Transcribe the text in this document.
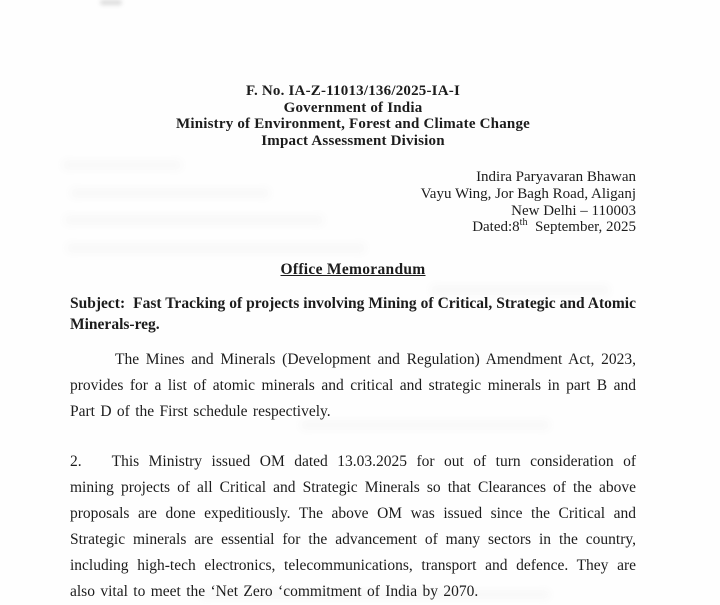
F. No. IA-Z-11013/136/2025-IA-I
Government of India
Ministry of Environment, Forest and Climate Change
Impact Assessment Division
Indira Paryavaran Bhawan
Vayu Wing, Jor Bagh Road, Aliganj
New Delhi – 110003
Dated:8th  September, 2025
Office Memorandum

Subject: Fast Tracking of projects involving Mining of Critical, Strategic and Atomic Minerals-reg.

The Mines and Minerals (Development and Regulation) Amendment Act, 2023, provides for a list of atomic minerals and critical and strategic minerals in part B and Part D of the First schedule respectively.

2. This Ministry issued OM dated 13.03.2025 for out of turn consideration of mining projects of all Critical and Strategic Minerals so that Clearances of the above proposals are done expeditiously. The above OM was issued since the Critical and Strategic minerals are essential for the advancement of many sectors in the country, including high-tech electronics, telecommunications, transport and defence. They are also vital to meet the ‘Net Zero ‘commitment of India by 2070.
